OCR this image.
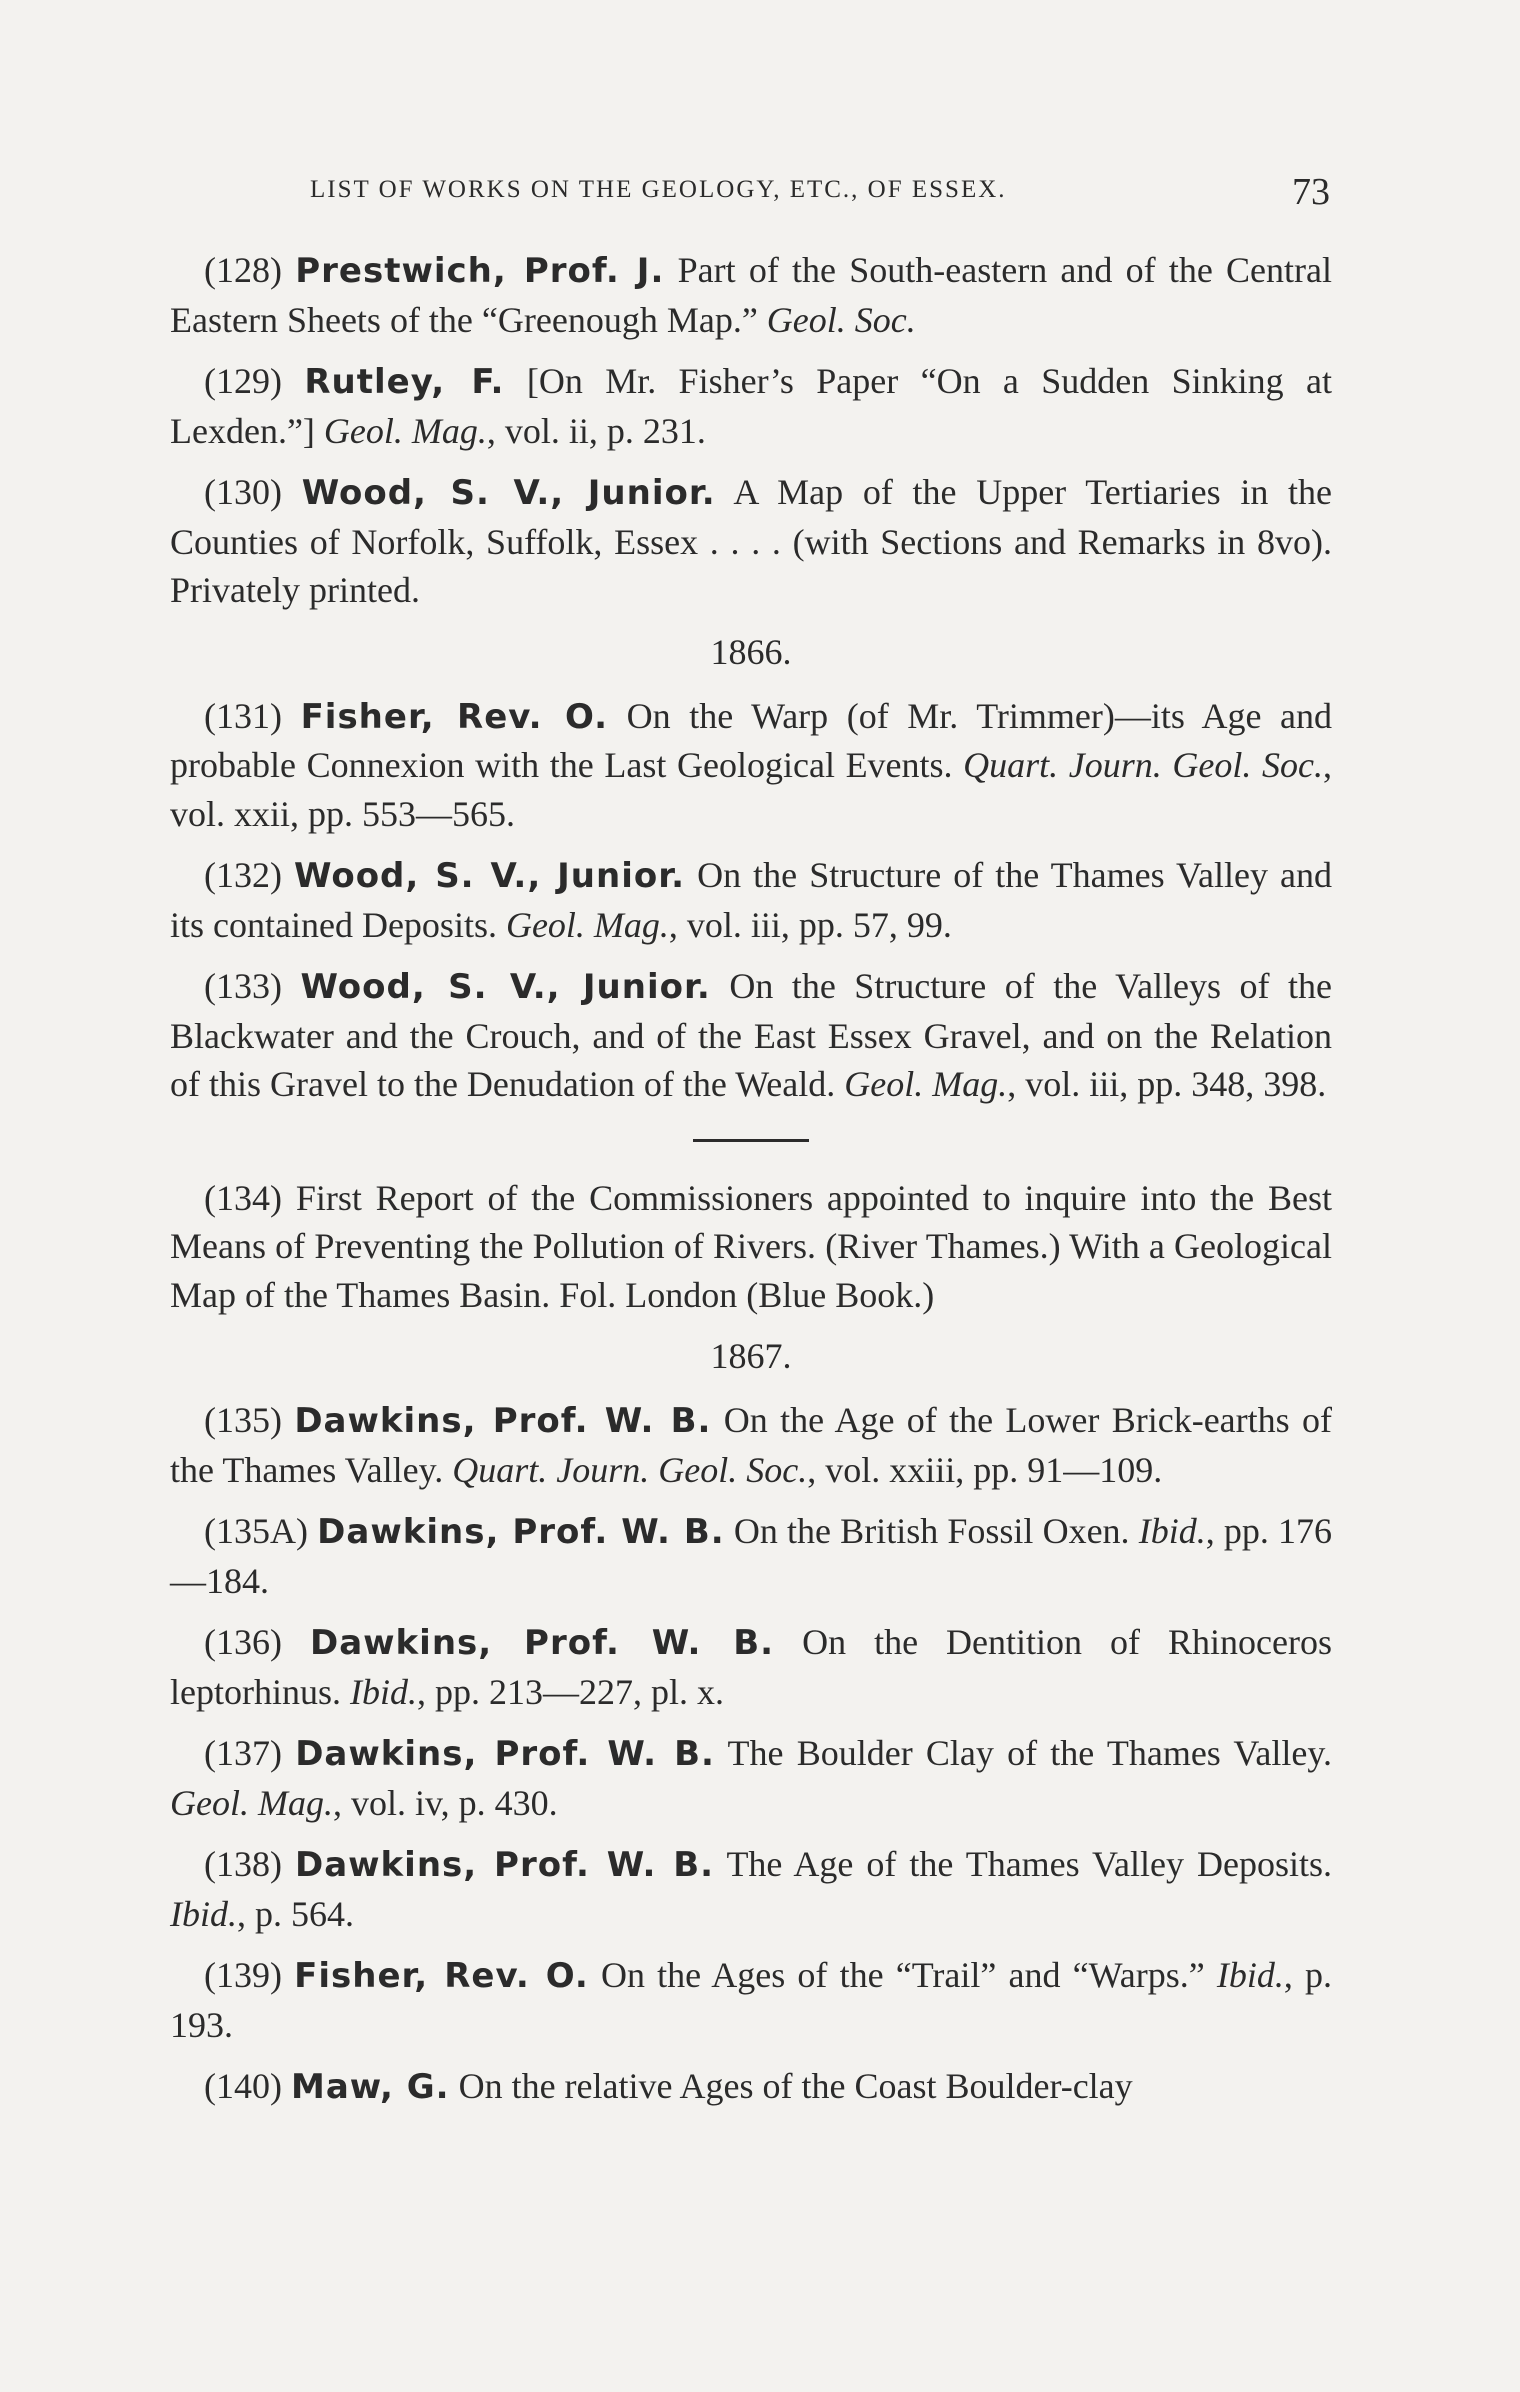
LIST OF WORKS ON THE GEOLOGY, ETC., OF ESSEX.	73

(128) Prestwich, Prof. J. Part of the South-eastern and of the Central Eastern Sheets of the “Greenough Map.” Geol. Soc.

(129) Rutley, F. [On Mr. Fisher’s Paper “On a Sudden Sinking at Lexden.”] Geol. Mag., vol. ii, p. 231.

(130) Wood, S. V., Junior. A Map of the Upper Tertiaries in the Counties of Norfolk, Suffolk, Essex . . . . (with Sections and Remarks in 8vo). Privately printed.

1866.

(131) Fisher, Rev. O. On the Warp (of Mr. Trimmer)—its Age and probable Connexion with the Last Geological Events. Quart. Journ. Geol. Soc., vol. xxii, pp. 553—565.

(132) Wood, S. V., Junior. On the Structure of the Thames Valley and its contained Deposits. Geol. Mag., vol. iii, pp. 57, 99.

(133) Wood, S. V., Junior. On the Structure of the Valleys of the Blackwater and the Crouch, and of the East Essex Gravel, and on the Relation of this Gravel to the Denudation of the Weald. Geol. Mag., vol. iii, pp. 348, 398.

(134) First Report of the Commissioners appointed to inquire into the Best Means of Preventing the Pollution of Rivers. (River Thames.) With a Geological Map of the Thames Basin. Fol. London (Blue Book.)

1867.

(135) Dawkins, Prof. W. B. On the Age of the Lower Brick-earths of the Thames Valley. Quart. Journ. Geol. Soc., vol. xxiii, pp. 91—109.

(135A) Dawkins, Prof. W. B. On the British Fossil Oxen. Ibid., pp. 176—184.

(136) Dawkins, Prof. W. B. On the Dentition of Rhinoceros leptorhinus. Ibid., pp. 213—227, pl. x.

(137) Dawkins, Prof. W. B. The Boulder Clay of the Thames Valley. Geol. Mag., vol. iv, p. 430.

(138) Dawkins, Prof. W. B. The Age of the Thames Valley Deposits. Ibid., p. 564.

(139) Fisher, Rev. O. On the Ages of the “Trail” and “Warps.” Ibid., p. 193.

(140) Maw, G. On the relative Ages of the Coast Boulder-clay
